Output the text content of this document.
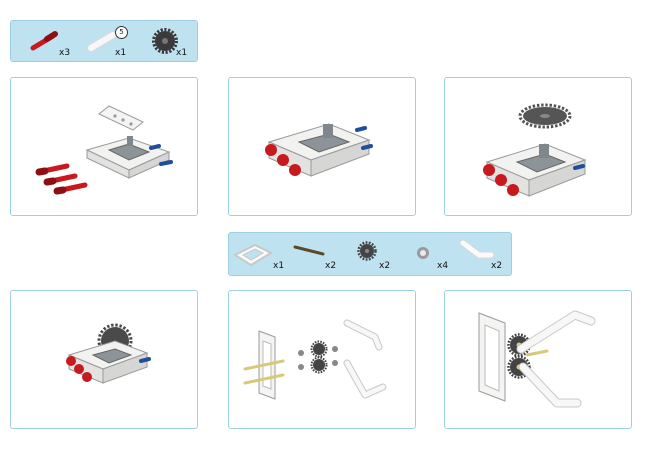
x3
5
x1	x1
x1	x2	x2	x4	x2
